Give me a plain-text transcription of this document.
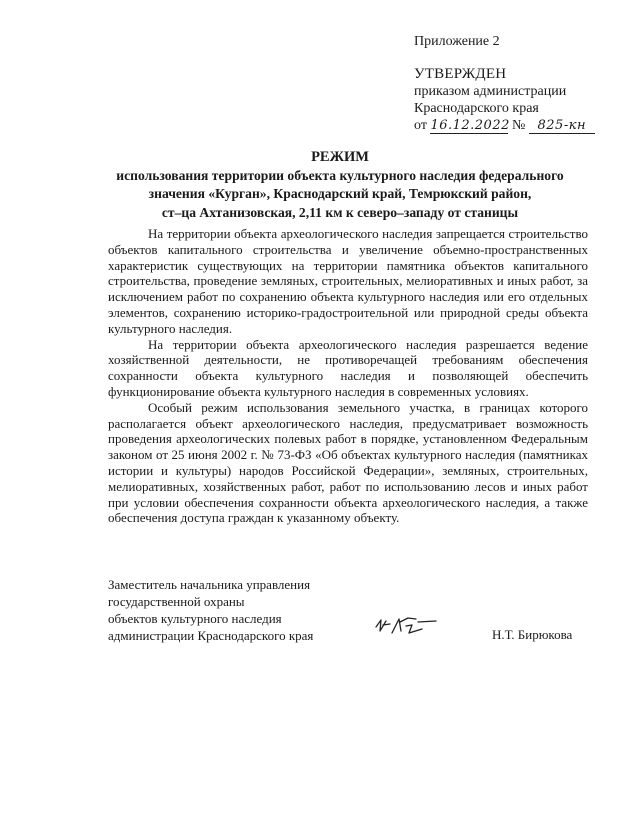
Приложение 2
УТВЕРЖДЕН
приказом администрации
Краснодарского края
от 16.12.2022 № 825-кн
РЕЖИМ
использования территории объекта культурного наследия федерального
значения «Курган», Краснодарский край, Темрюкский район,
ст–ца Ахтанизовская, 2,11 км к северо–западу от станицы

На территории объекта археологического наследия запрещается строительство объектов капитального строительства и увеличение объемно-пространственных характеристик существующих на территории памятника объектов капитального строительства, проведение земляных, строительных, мелиоративных и иных работ, за исключением работ по сохранению объекта культурного наследия или его отдельных элементов, сохранению историко-градостроительной или природной среды объекта культурного наследия.

На территории объекта археологического наследия разрешается ведение хозяйственной деятельности, не противоречащей требованиям обеспечения сохранности объекта культурного наследия и позволяющей обеспечить функционирование объекта культурного наследия в современных условиях.

Особый режим использования земельного участка, в границах которого располагается объект археологического наследия, предусматривает возможность проведения археологических полевых работ в порядке, установленном Федеральным законом от 25 июня 2002 г. № 73-ФЗ «Об объектах культурного наследия (памятниках истории и культуры) народов Российской Федерации», земляных, строительных, мелиоративных, хозяйственных работ, работ по использованию лесов и иных работ при условии обеспечения сохранности объекта археологического наследия, а также обеспечения доступа граждан к указанному объекту.

Заместитель начальника управления
государственной охраны
объектов культурного наследия
администрации Краснодарского края	Н.Т. Бирюкова
